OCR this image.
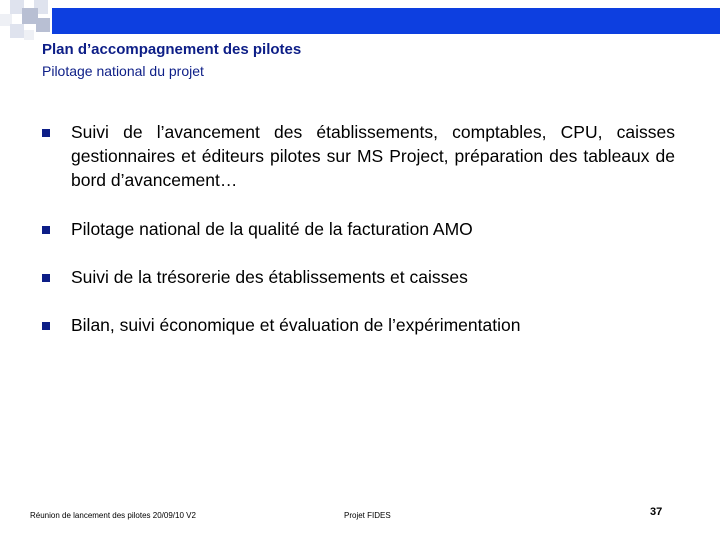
Plan d’accompagnement des pilotes
Pilotage national du projet
Suivi de l’avancement des établissements, comptables, CPU, caisses gestionnaires et éditeurs pilotes sur MS Project, préparation des tableaux de bord d’avancement…
Pilotage national de la qualité de la facturation AMO
Suivi de la trésorerie des établissements et caisses
Bilan, suivi économique et évaluation de l’expérimentation
Réunion de lancement des pilotes 20/09/10 V2	Projet FIDES	37
